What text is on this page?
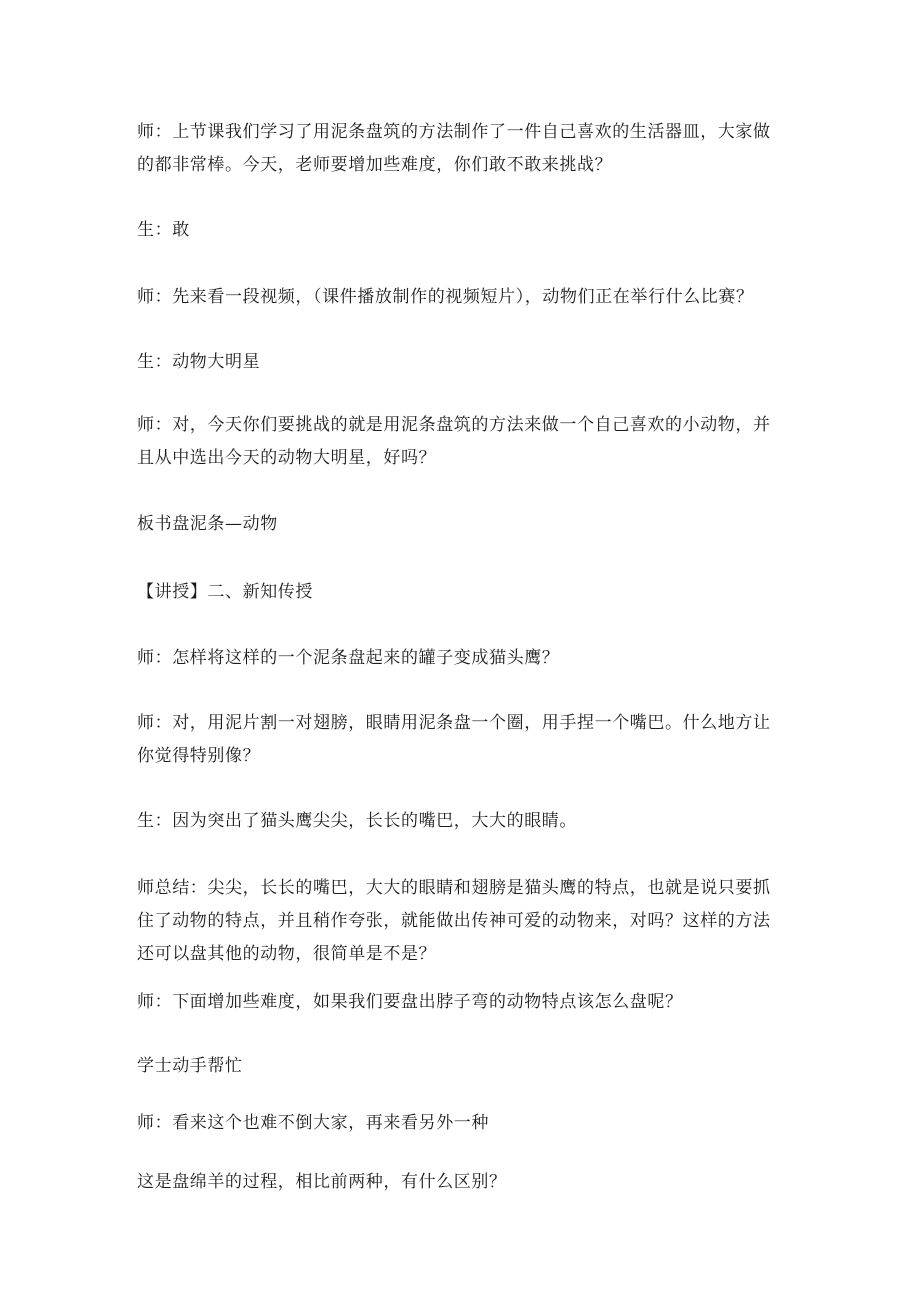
师：上节课我们学习了用泥条盘筑的方法制作了一件自己喜欢的生活器皿，大家做的都非常棒。今天，老师要增加些难度，你们敢不敢来挑战？

生：敢

师：先来看一段视频，（课件播放制作的视频短片），动物们正在举行什么比赛？

生：动物大明星

师：对，今天你们要挑战的就是用泥条盘筑的方法来做一个自己喜欢的小动物，并且从中选出今天的动物大明星，好吗？

板书盘泥条—动物

【讲授】二、新知传授

师：怎样将这样的一个泥条盘起来的罐子变成猫头鹰？

师：对，用泥片割一对翅膀，眼睛用泥条盘一个圈，用手捏一个嘴巴。什么地方让你觉得特别像？

生：因为突出了猫头鹰尖尖，长长的嘴巴，大大的眼睛。

师总结：尖尖，长长的嘴巴，大大的眼睛和翅膀是猫头鹰的特点，也就是说只要抓住了动物的特点，并且稍作夸张，就能做出传神可爱的动物来，对吗？这样的方法还可以盘其他的动物，很简单是不是？

师：下面增加些难度，如果我们要盘出脖子弯的动物特点该怎么盘呢？

学士动手帮忙

师：看来这个也难不倒大家，再来看另外一种

这是盘绵羊的过程，相比前两种，有什么区别？
